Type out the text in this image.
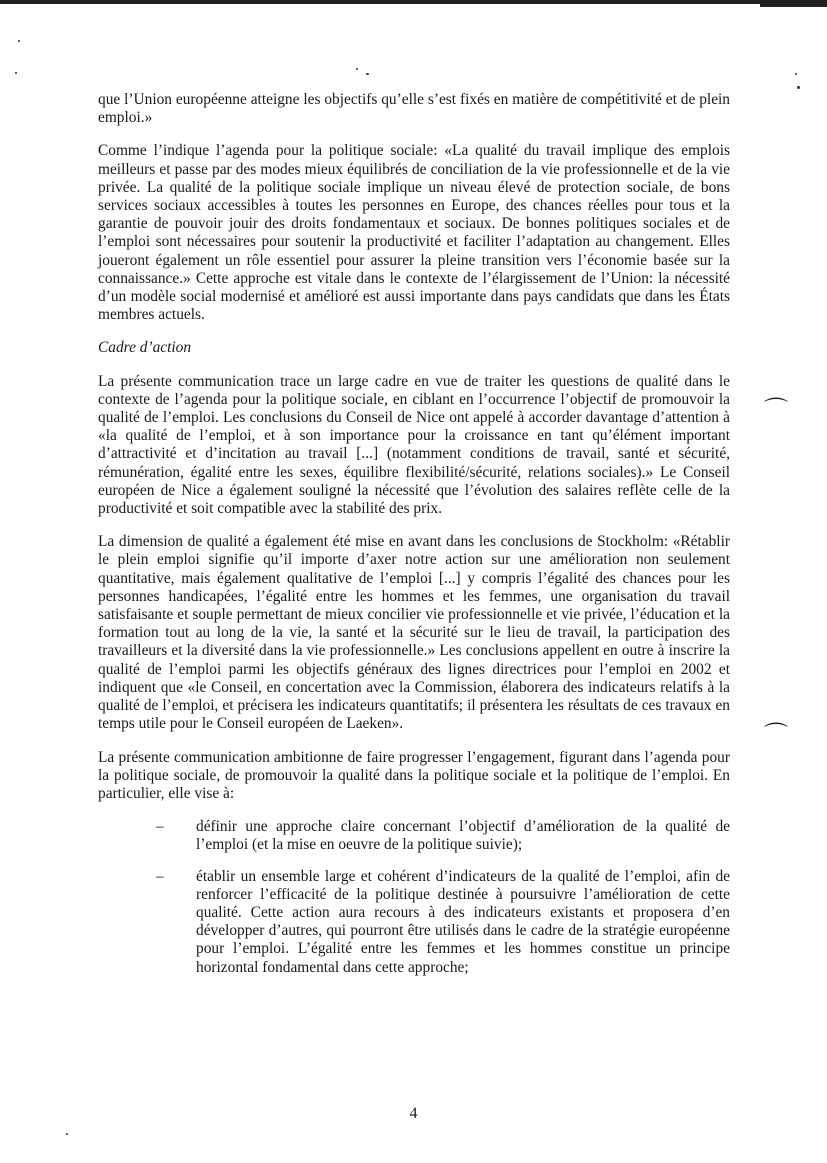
⌒
⌒

que l’Union européenne atteigne les objectifs qu’elle s’est fixés en matière de compétitivité et de plein emploi.»

Comme l’indique l’agenda pour la politique sociale: «La qualité du travail implique des emplois meilleurs et passe par des modes mieux équilibrés de conciliation de la vie professionnelle et de la vie privée. La qualité de la politique sociale implique un niveau élevé de protection sociale, de bons services sociaux accessibles à toutes les personnes en Europe, des chances réelles pour tous et la garantie de pouvoir jouir des droits fondamentaux et sociaux. De bonnes politiques sociales et de l’emploi sont nécessaires pour soutenir la productivité et faciliter l’adaptation au changement. Elles joueront également un rôle essentiel pour assurer la pleine transition vers l’économie basée sur la connaissance.» Cette approche est vitale dans le contexte de l’élargissement de l’Union: la nécessité d’un modèle social modernisé et amélioré est aussi importante dans pays candidats que dans les États membres actuels.

Cadre d’action

La présente communication trace un large cadre en vue de traiter les questions de qualité dans le contexte de l’agenda pour la politique sociale, en ciblant en l’occurrence l’objectif de promouvoir la qualité de l’emploi. Les conclusions du Conseil de Nice ont appelé à accorder davantage d’attention à «la qualité de l’emploi, et à son importance pour la croissance en tant qu’élément important d’attractivité et d’incitation au travail [...] (notamment conditions de travail, santé et sécurité, rémunération, égalité entre les sexes, équilibre flexibilité/sécurité, relations sociales).» Le Conseil européen de Nice a également souligné la nécessité que l’évolution des salaires reflète celle de la productivité et soit compatible avec la stabilité des prix.

La dimension de qualité a également été mise en avant dans les conclusions de Stockholm: «Rétablir le plein emploi signifie qu’il importe d’axer notre action sur une amélioration non seulement quantitative, mais également qualitative de l’emploi [...] y compris l’égalité des chances pour les personnes handicapées, l’égalité entre les hommes et les femmes, une organisation du travail satisfaisante et souple permettant de mieux concilier vie professionnelle et vie privée, l’éducation et la formation tout au long de la vie, la santé et la sécurité sur le lieu de travail, la participation des travailleurs et la diversité dans la vie professionnelle.» Les conclusions appellent en outre à inscrire la qualité de l’emploi parmi les objectifs généraux des lignes directrices pour l’emploi en 2002 et indiquent que «le Conseil, en concertation avec la Commission, élaborera des indicateurs relatifs à la qualité de l’emploi, et précisera les indicateurs quantitatifs; il présentera les résultats de ces travaux en temps utile pour le Conseil européen de Laeken».

La présente communication ambitionne de faire progresser l’engagement, figurant dans l’agenda pour la politique sociale, de promouvoir la qualité dans la politique sociale et la politique de l’emploi. En particulier, elle vise à:

– définir une approche claire concernant l’objectif d’amélioration de la qualité de l’emploi (et la mise en oeuvre de la politique suivie);
– établir un ensemble large et cohérent d’indicateurs de la qualité de l’emploi, afin de renforcer l’efficacité de la politique destinée à poursuivre l’amélioration de cette qualité. Cette action aura recours à des indicateurs existants et proposera d’en développer d’autres, qui pourront être utilisés dans le cadre de la stratégie européenne pour l’emploi. L’égalité entre les femmes et les hommes constitue un principe horizontal fondamental dans cette approche;
4
